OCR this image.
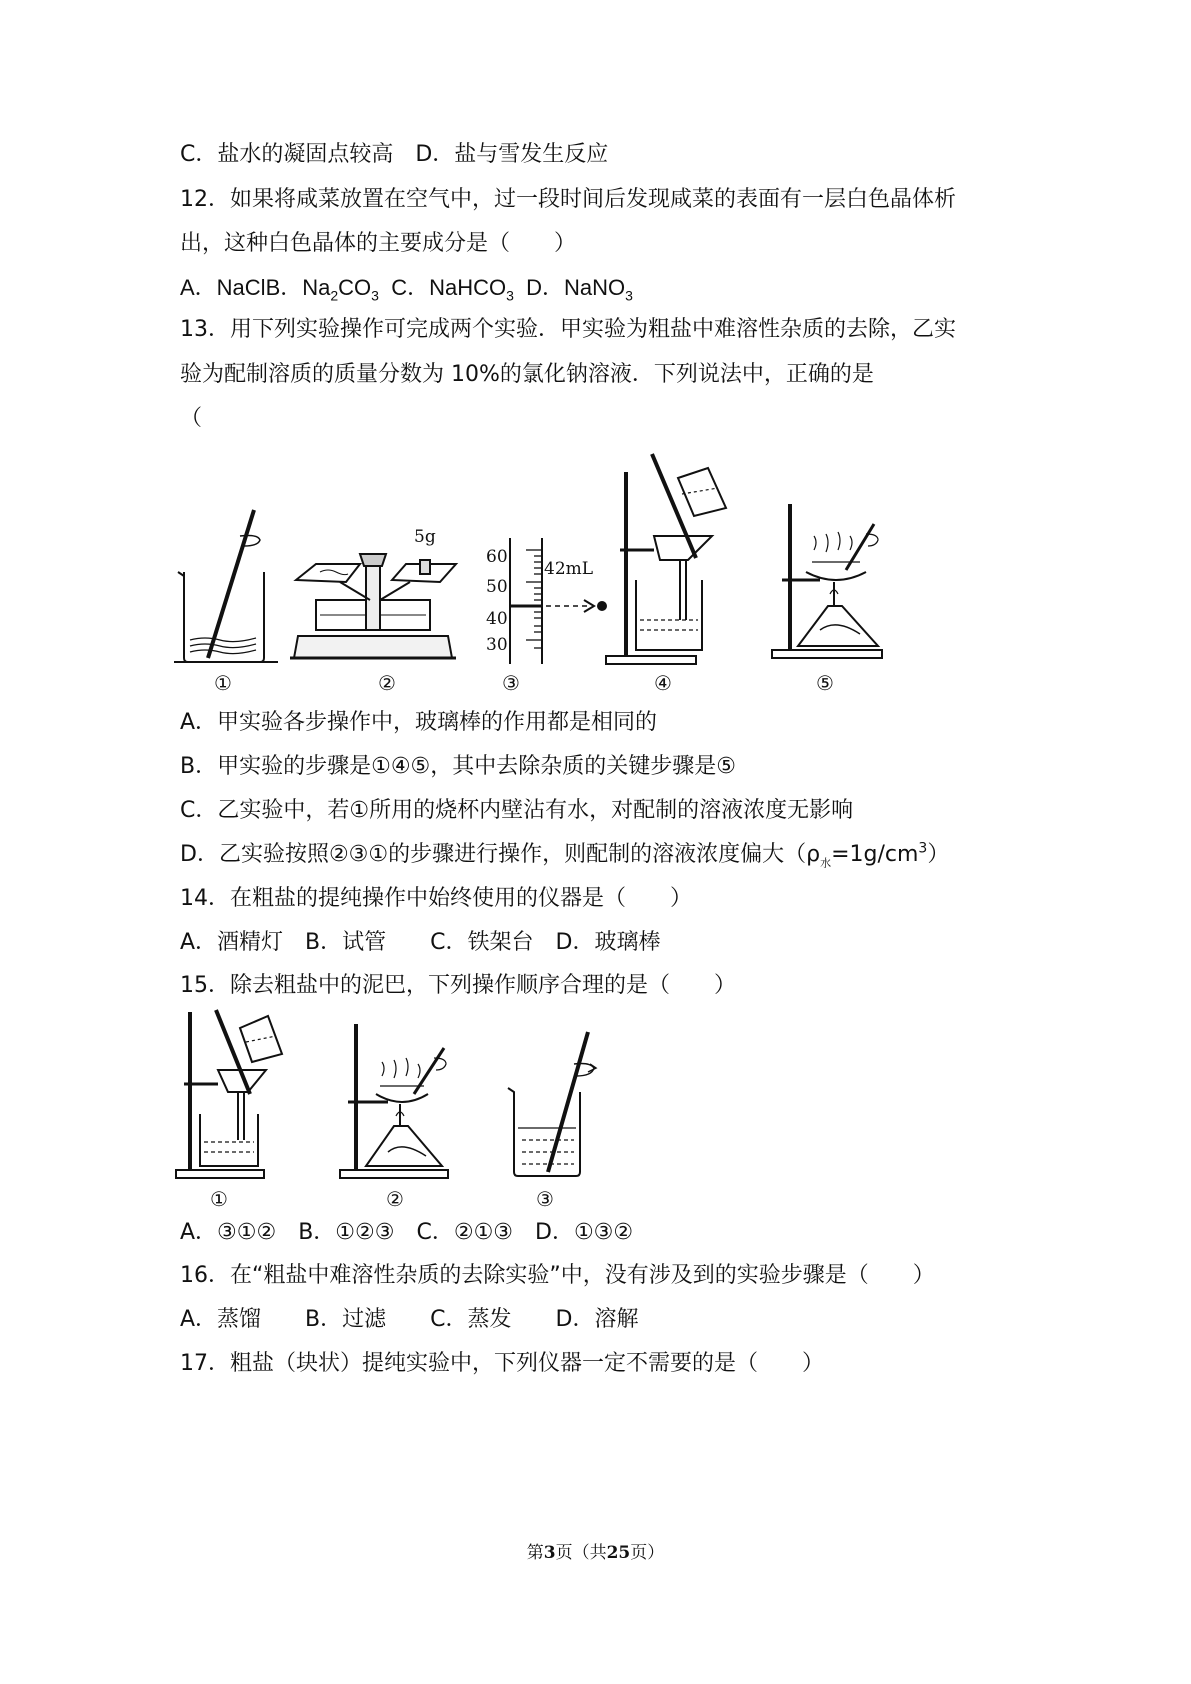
C．盐水的凝固点较高　D．盐与雪发生反应
12．如果将咸菜放置在空气中，过一段时间后发现咸菜的表面有一层白色晶体析
出，这种白色晶体的主要成分是（　　）
A．NaClB．$Na_2CO_3$  C．NaHCO$_3$  D．NaNO$_3$
13．用下列实验操作可完成两个实验．甲实验为粗盐中难溶性杂质的去除，乙实
验为配制溶质的质量分数为 10%的氯化钠溶液．下列说法中，正确的是
（
①
5g
②
60
50
40
30
42mL
③	④	⑤
A．甲实验各步操作中，玻璃棒的作用都是相同的
B．甲实验的步骤是①④⑤，其中去除杂质的关键步骤是⑤
C．乙实验中，若①所用的烧杯内壁沾有水，对配制的溶液浓度无影响
D．乙实验按照②③①的步骤进行操作，则配制的溶液浓度偏大$(\rho_水=1g/cm^3)$
14．在粗盐的提纯操作中始终使用的仪器是（　　）
A．酒精灯　B．试管　　C．铁架台　D．玻璃棒
15．除去粗盐中的泥巴，下列操作顺序合理的是（　　）
①	②	③
A．③①②　B．①②③　C．②①③　D．①③②
16．在“粗盐中难溶性杂质的去除实验”中，没有涉及到的实验步骤是（　　）
A．蒸馏　　B．过滤　　C．蒸发　　D．溶解
17．粗盐（块状）提纯实验中，下列仪器一定不需要的是（　　）
第3页（共25页）
